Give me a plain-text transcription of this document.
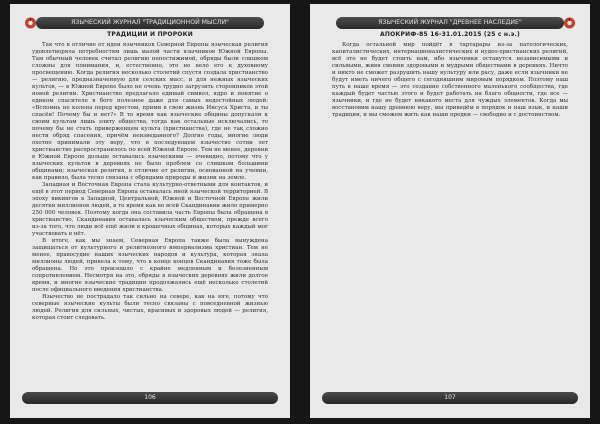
ЯЗЫЧЕСКИЙ ЖУРНАЛ "ТРАДИЦИОННОЙ МЫСЛИ"
ТРАДИЦИИ И ПРОРОКИ

Так что в отличие от идеи язычников Северной Европы языческая религия удовлетворяла потребностям лишь малой части язычников Южной Европы. Там обычный человек считал религию непостижимой, обряды были слишком сложны для понимания, и, естественно, это не вело его к духовному просвещению. Когда религия несколько столетий спустя создала христианство — религию, предназначенную для селских масс, и для нежных языческих культов, — в Южной Европе было не очень трудно загрузить сторонников этой новой религии. Христианство предлагало единый символ, ядро и понятие о едином спасителе в боге полезное даже для самых недостойных людей: «Вспомнь не колена перед крестом, прими в свою жизнь Иисуса Христа, и ты спасён! Почему бы и нет?» В то время как языческие общины допускали к своим культам лишь элиту общества, тогда как остальные исключались, то почему бы не стать приверженцем культа (христианства), где не так сложно нести обряд спасения, причём неизведанного? Долгие годы, многие люди охотно принимали эту веру, что в последующем язычество сотни лет христианство распространилось по всей Южной Европе. Тем не менее, деревни в Южной Европе дольше оставались языческими — очевидно, потому что у языческих культов в деревнях не было проблем со слишком большими общинами; языческая религия, в отличие от религии, основанной на учении, как правило, была тесно связана с обрядами природы и жизни на земле.

Западная и Восточная Европа стала культурно-ответными для контактов, и ещё в этот период Северная Европа оставалась иной языческой территорией. В эпоху викингов в Западной, Центральной, Южной и Восточной Европе жили десятки миллионов людей, в то время как во всей Скандинавии жило примерно 250 000 человек. Поэтому когда она составила часть Европы была обращена в христианство, Скандинавия оставалась языческим обществом, прежде всего из-за того, что люди всё ещё жили в крошечных общинах, которых каждый мог участвовать в нёт.

В итоге, как мы знаем, Северная Европа также была вынуждена защищаться от культурного и религиозного империализма христиан. Тем не менее, правосудие наших языческих народов и культура, которая знала миллионы людей, привела к тому, что в конце концов Скандинавия тоже была обращена. Но это произошло с крайне медленным и болезненным сопротивлением. Несмотря на это, обряды в языческих деревнях жили долгое время, и многие языческие традиции продолжались ещё несколько столетий после официального введения христианства.

Язычество не пострадало так сильно на севере, как на юге, потому что северные языческие культы были тесно связаны с повседневной жизнью людей. Религия для сильных, чистых, красивых и здоровых людей — религия, которая стоит следовать.

106
ЯЗЫЧЕСКИЙ ЖУРНАЛ "ДРЕВНЕЕ НАСЛЕДИЕ"
АПОКРИФ-85 16-31.01.2015 (25 с н.э.)

Когда остальной мир пойдёт в тартарары из-за патологических, капиталистических, интернационалистических и иудео-христианских религий, всё это не будет стоить нам, ибо язычники останутся независимыми и сильными, живя своими здоровыми и мудрыми обществами в деревнях. Ничто и никто не сможет разрушить нашу культуру или расу, даже если язычники не будут иметь ничего общего с сегодняшним мировым порядком. Поэтому наш путь в наше время — это создание собственного маленького сообщества, где каждый будет частью этого и будет работать на благо общности, где все — язычники, и где не будет никакого места для чуждых элементов. Когда мы восстановим нашу древнюю веру, мы приведём в порядок и наш язык, и наши традиции, и мы сможем жить как наши предки — свободно и с достоинством.

107
